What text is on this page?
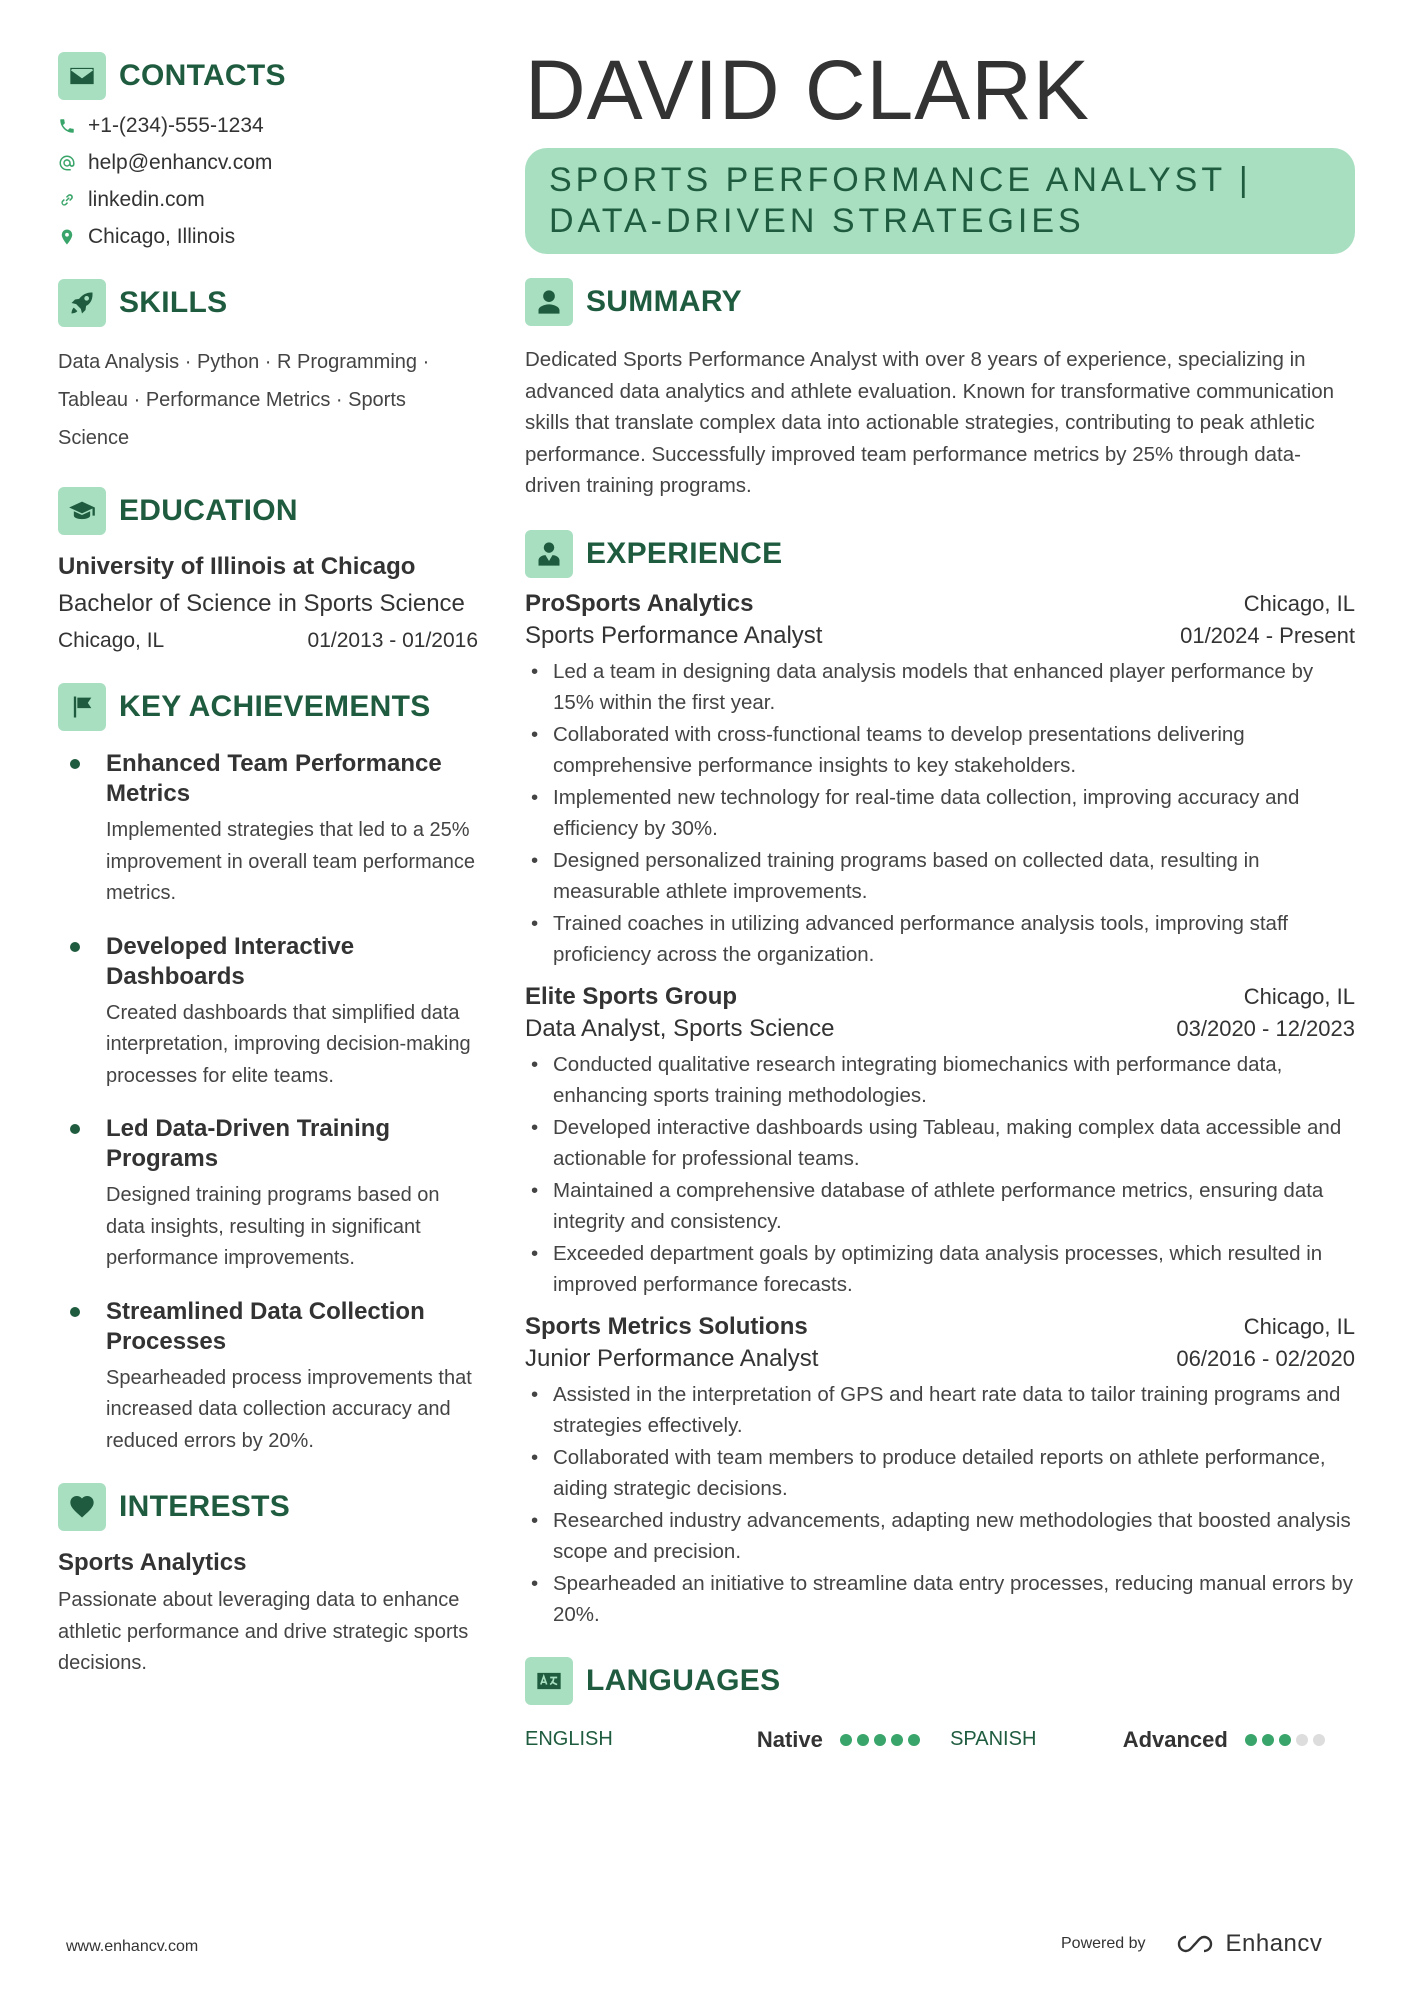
CONTACTS
+1-(234)-555-1234
help@enhancv.com
linkedin.com
Chicago, Illinois
SKILLS
Data Analysis · Python · R Programming · Tableau · Performance Metrics · Sports Science
EDUCATION
University of Illinois at Chicago
Bachelor of Science in Sports Science
Chicago, IL	01/2013 - 01/2016
KEY ACHIEVEMENTS
Enhanced Team Performance Metrics
Implemented strategies that led to a 25% improvement in overall team performance metrics.
Developed Interactive Dashboards
Created dashboards that simplified data interpretation, improving decision-making processes for elite teams.
Led Data-Driven Training Programs
Designed training programs based on data insights, resulting in significant performance improvements.
Streamlined Data Collection Processes
Spearheaded process improvements that increased data collection accuracy and reduced errors by 20%.
INTERESTS
Sports Analytics
Passionate about leveraging data to enhance athletic performance and drive strategic sports decisions.
DAVID CLARK
SPORTS PERFORMANCE ANALYST | DATA-DRIVEN STRATEGIES
SUMMARY
Dedicated Sports Performance Analyst with over 8 years of experience, specializing in advanced data analytics and athlete evaluation. Known for transformative communication skills that translate complex data into actionable strategies, contributing to peak athletic performance. Successfully improved team performance metrics by 25% through data-driven training programs.
EXPERIENCE
ProSports Analytics	Chicago, IL
Sports Performance Analyst	01/2024 - Present
• Led a team in designing data analysis models that enhanced player performance by 15% within the first year.
• Collaborated with cross-functional teams to develop presentations delivering comprehensive performance insights to key stakeholders.
• Implemented new technology for real-time data collection, improving accuracy and efficiency by 30%.
• Designed personalized training programs based on collected data, resulting in measurable athlete improvements.
• Trained coaches in utilizing advanced performance analysis tools, improving staff proficiency across the organization.
Elite Sports Group	Chicago, IL
Data Analyst, Sports Science	03/2020 - 12/2023
• Conducted qualitative research integrating biomechanics with performance data, enhancing sports training methodologies.
• Developed interactive dashboards using Tableau, making complex data accessible and actionable for professional teams.
• Maintained a comprehensive database of athlete performance metrics, ensuring data integrity and consistency.
• Exceeded department goals by optimizing data analysis processes, which resulted in improved performance forecasts.
Sports Metrics Solutions	Chicago, IL
Junior Performance Analyst	06/2016 - 02/2020
• Assisted in the interpretation of GPS and heart rate data to tailor training programs and strategies effectively.
• Collaborated with team members to produce detailed reports on athlete performance, aiding strategic decisions.
• Researched industry advancements, adapting new methodologies that boosted analysis scope and precision.
• Spearheaded an initiative to streamline data entry processes, reducing manual errors by 20%.
LANGUAGES
ENGLISH	Native	SPANISH	Advanced
www.enhancv.com	Powered by	Enhancv
